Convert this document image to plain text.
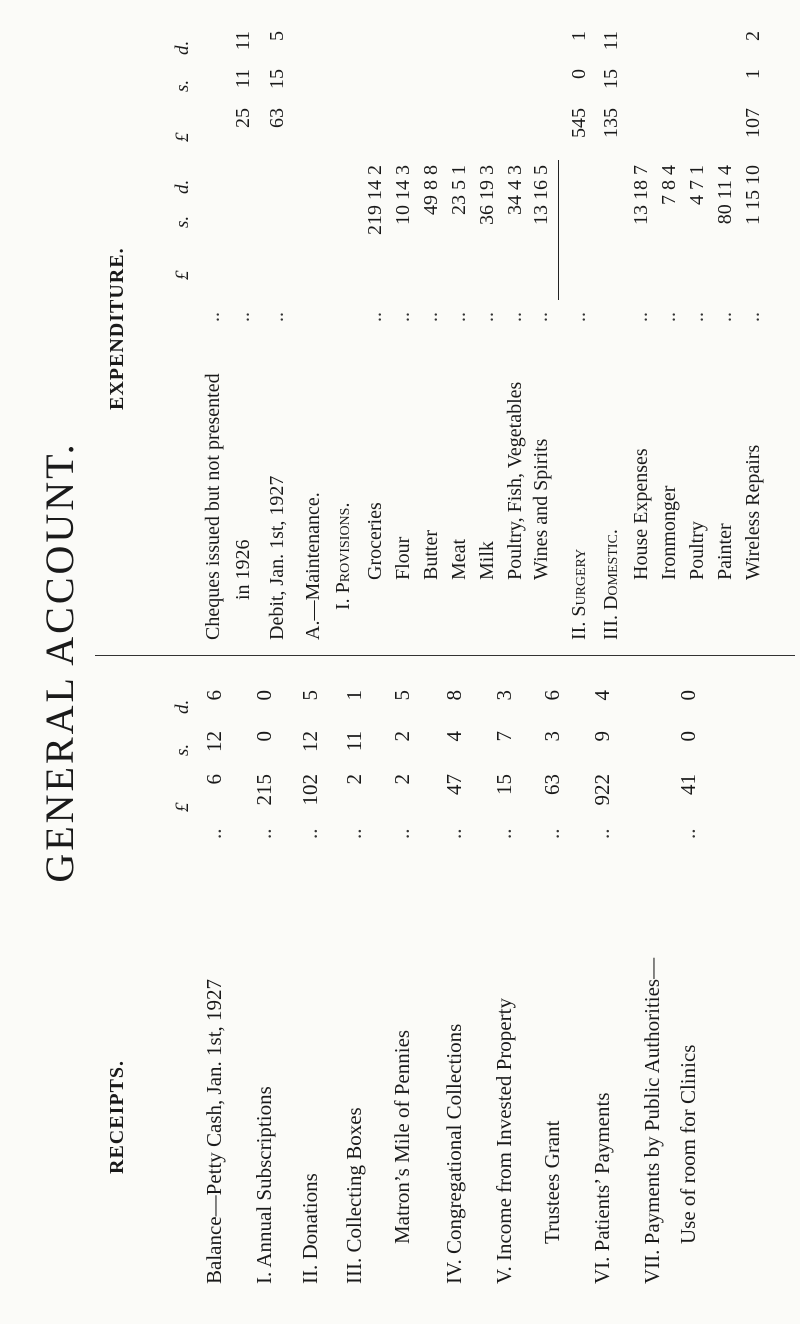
GENERAL ACCOUNT.
RECEIPTS.
£
s.
d.
Balance—Petty Cash, Jan. 1st, 1927
..
6
12
6
I. Annual Subscriptions
..
215
0
0
II. Donations
..
102
12
5
III. Collecting Boxes
..
2
11
1
Matron’s Mile of Pennies
..
2
2
5
IV. Congregational Collections
..
47
4
8
V. Income from Invested Property
..
15
7
3
Trustees Grant
..
63
3
6
VI. Patients’ Payments
..
922
9
4
VII. Payments by Public Authorities— Use of room for Clinics
..
41
0
0
EXPENDITURE. £
s.
d.
£
s.
d.
Cheques issued but not presented
..
in 1926
..
25
11
11
Debit, Jan. 1st, 1927
..
63
15
5
A.—Maintenance. I. Provisions. Groceries
..
219 14 2
Flour
..
10 14 3
Butter
..
49 8 8
Meat
..
23 5 1
Milk
..
36 19 3
Poultry, Fish, Vegetables
..
34 4 3
Wines and Spirits
..
13 16 5
II. Surgery
..
545
0
1
III. Domestic.
135
15
11
House Expenses
..
13 18 7
Ironmonger
..
7 8 4
Poultry
..
4 7 1
Painter
..
80 11 4
Wireless Repairs
..
1 15 10
107
1
2
